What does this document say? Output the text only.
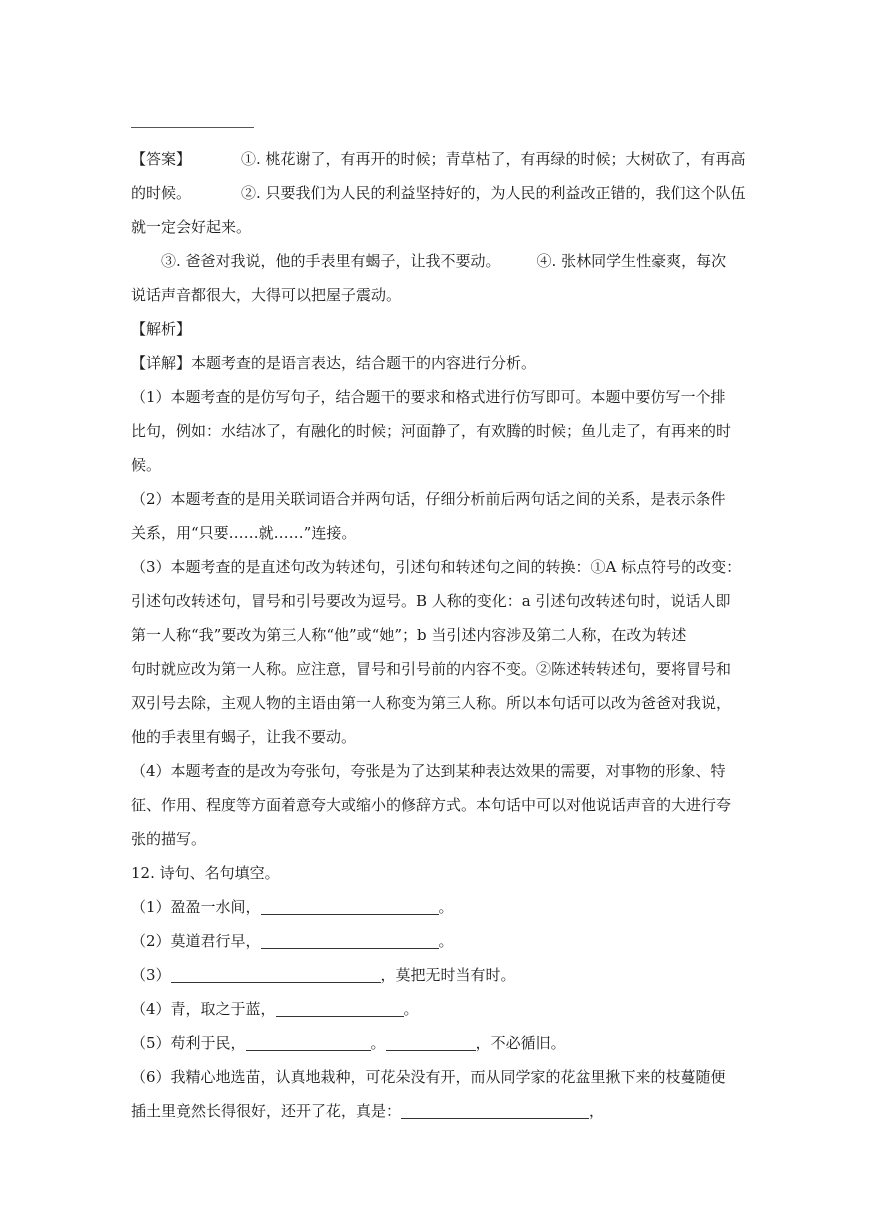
【答案】	①. 桃花谢了，有再开的时候；青草枯了，有再绿的时候；大树砍了，有再高
的时候。	②. 只要我们为人民的利益坚持好的，为人民的利益改正错的，我们这个队伍
就一定会好起来。
③. 爸爸对我说，他的手表里有蝎子，让我不要动。 ④. 张林同学生性豪爽，每次
说话声音都很大，大得可以把屋子震动。
【解析】
【详解】本题考查的是语言表达，结合题干的内容进行分析。
（1）本题考查的是仿写句子，结合题干的要求和格式进行仿写即可。本题中要仿写一个排
比句，例如：水结冰了，有融化的时候；河面静了，有欢腾的时候；鱼儿走了，有再来的时
候。
（2）本题考查的是用关联词语合并两句话，仔细分析前后两句话之间的关系，是表示条件
关系，用“只要……就……”连接。
（3）本题考查的是直述句改为转述句，引述句和转述句之间的转换：①A 标点符号的改变：
引述句改转述句，冒号和引号要改为逗号。B 人称的变化：a 引述句改转述句时，说话人即
第一人称“我”要改为第三人称“他”或“她”；b 当引述内容涉及第二人称，在改为转述
句时就应改为第一人称。应注意，冒号和引号前的内容不变。②陈述转转述句，要将冒号和
双引号去除，主观人物的主语由第一人称变为第三人称。所以本句话可以改为爸爸对我说，
他的手表里有蝎子，让我不要动。
（4）本题考查的是改为夸张句，夸张是为了达到某种表达效果的需要，对事物的形象、特
征、作用、程度等方面着意夸大或缩小的修辞方式。本句话中可以对他说话声音的大进行夸
张的描写。
12. 诗句、名句填空。
（1）盈盈一水间，	。
（2）莫道君行早，	。
（3）	，莫把无时当有时。
（4）青，取之于蓝，	。
（5）苟利于民，	。	，不必循旧。
（6）我精心地选苗，认真地栽种，可花朵没有开，而从同学家的花盆里揪下来的枝蔓随便
插土里竟然长得很好，还开了花，真是：	，
